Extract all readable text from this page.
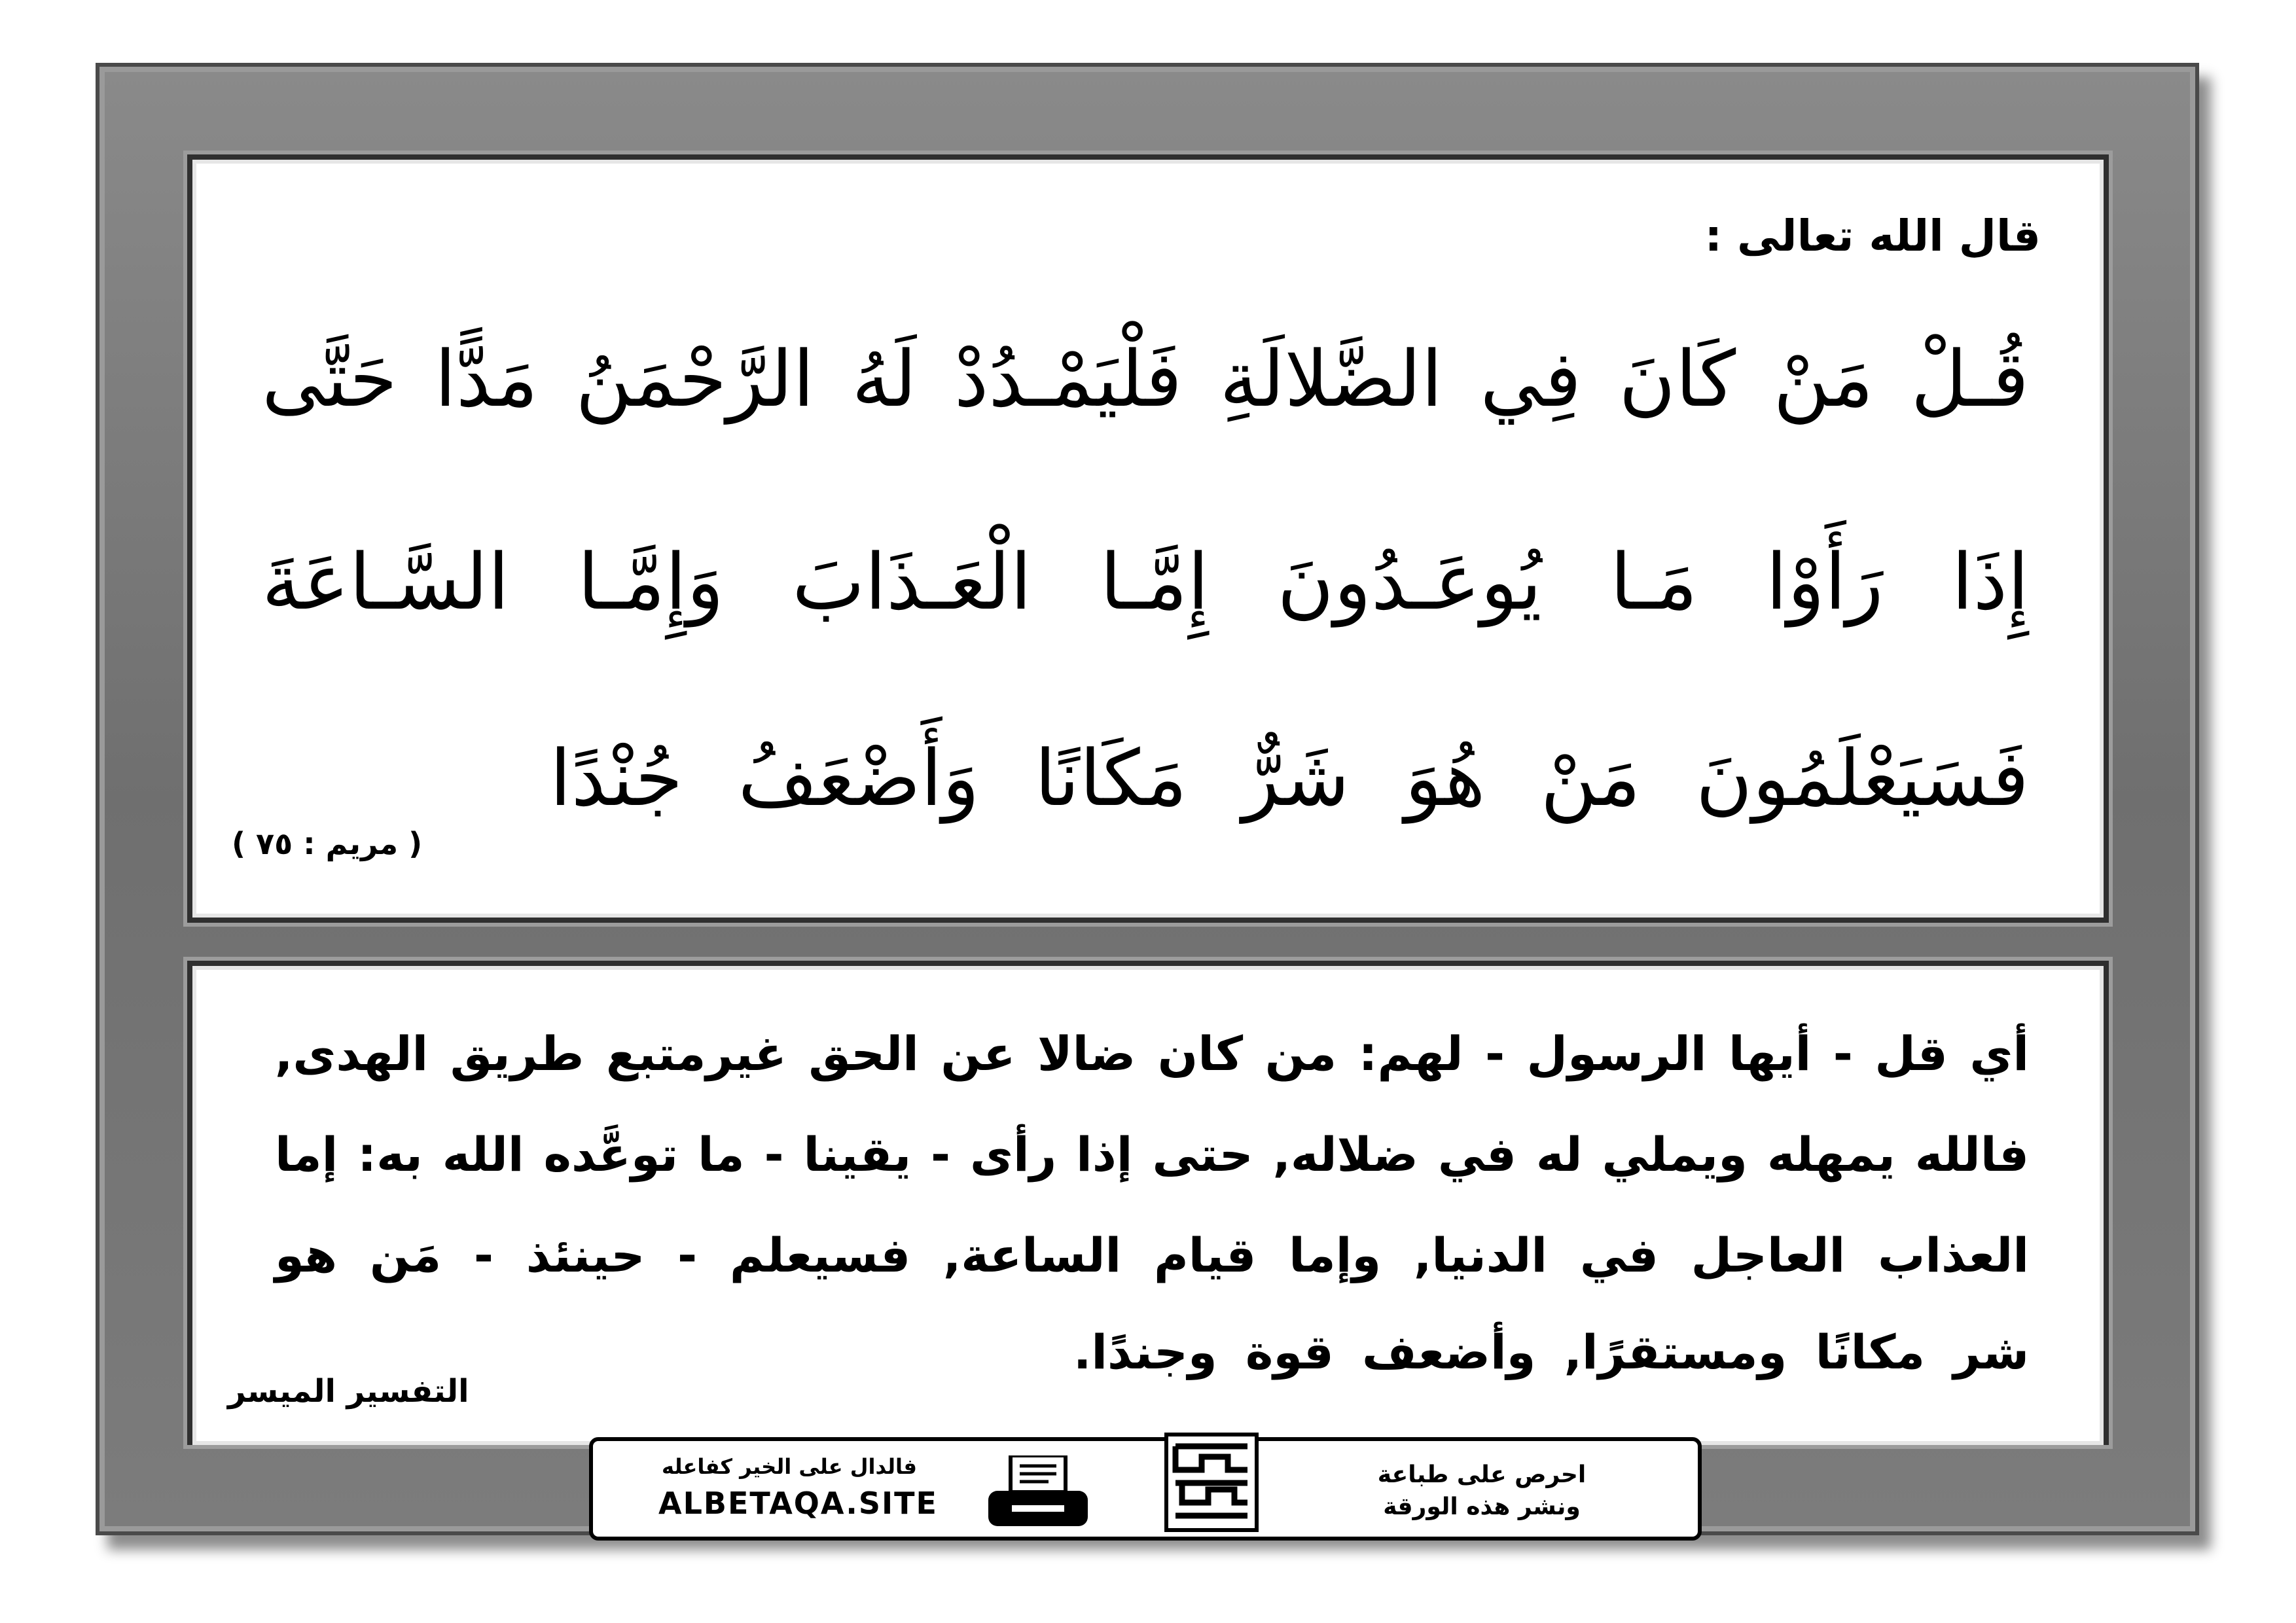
قال الله تعالى :
قُـلْ مَنْ كَانَ فِي الضَّلالَةِ فَلْيَمْـدُدْ لَهُ الرَّحْمَنُ مَدًّا حَتَّى
إِذَا رَأَوْا مَـا يُوعَـدُونَ إِمَّـا الْعَـذَابَ وَإِمَّـا السَّـاعَةَ
فَسَيَعْلَمُونَ مَنْ هُوَ شَرٌّ مَكَانًا وَأَضْعَفُ جُنْدًا
( مريم : ٧٥ )
أي قل - أيها الرسول - لهم: من كان ضالا عن الحق غيرمتبع طريق الهدى,
فالله يمهله ويملي له في ضلاله, حتى إذا رأى - يقينا - ما توعَّده الله به: إما
العذاب العاجل في الدنيا, وإما قيام الساعة, فسيعلم - حينئذ - مَن هو
شر مكانًا ومستقرًا, وأضعف قوة وجندًا.
التفسير الميسر
فالدال على الخير كفاعله
ALBETAQA.SITE
احرص على طباعة
ونشر هذه الورقة
